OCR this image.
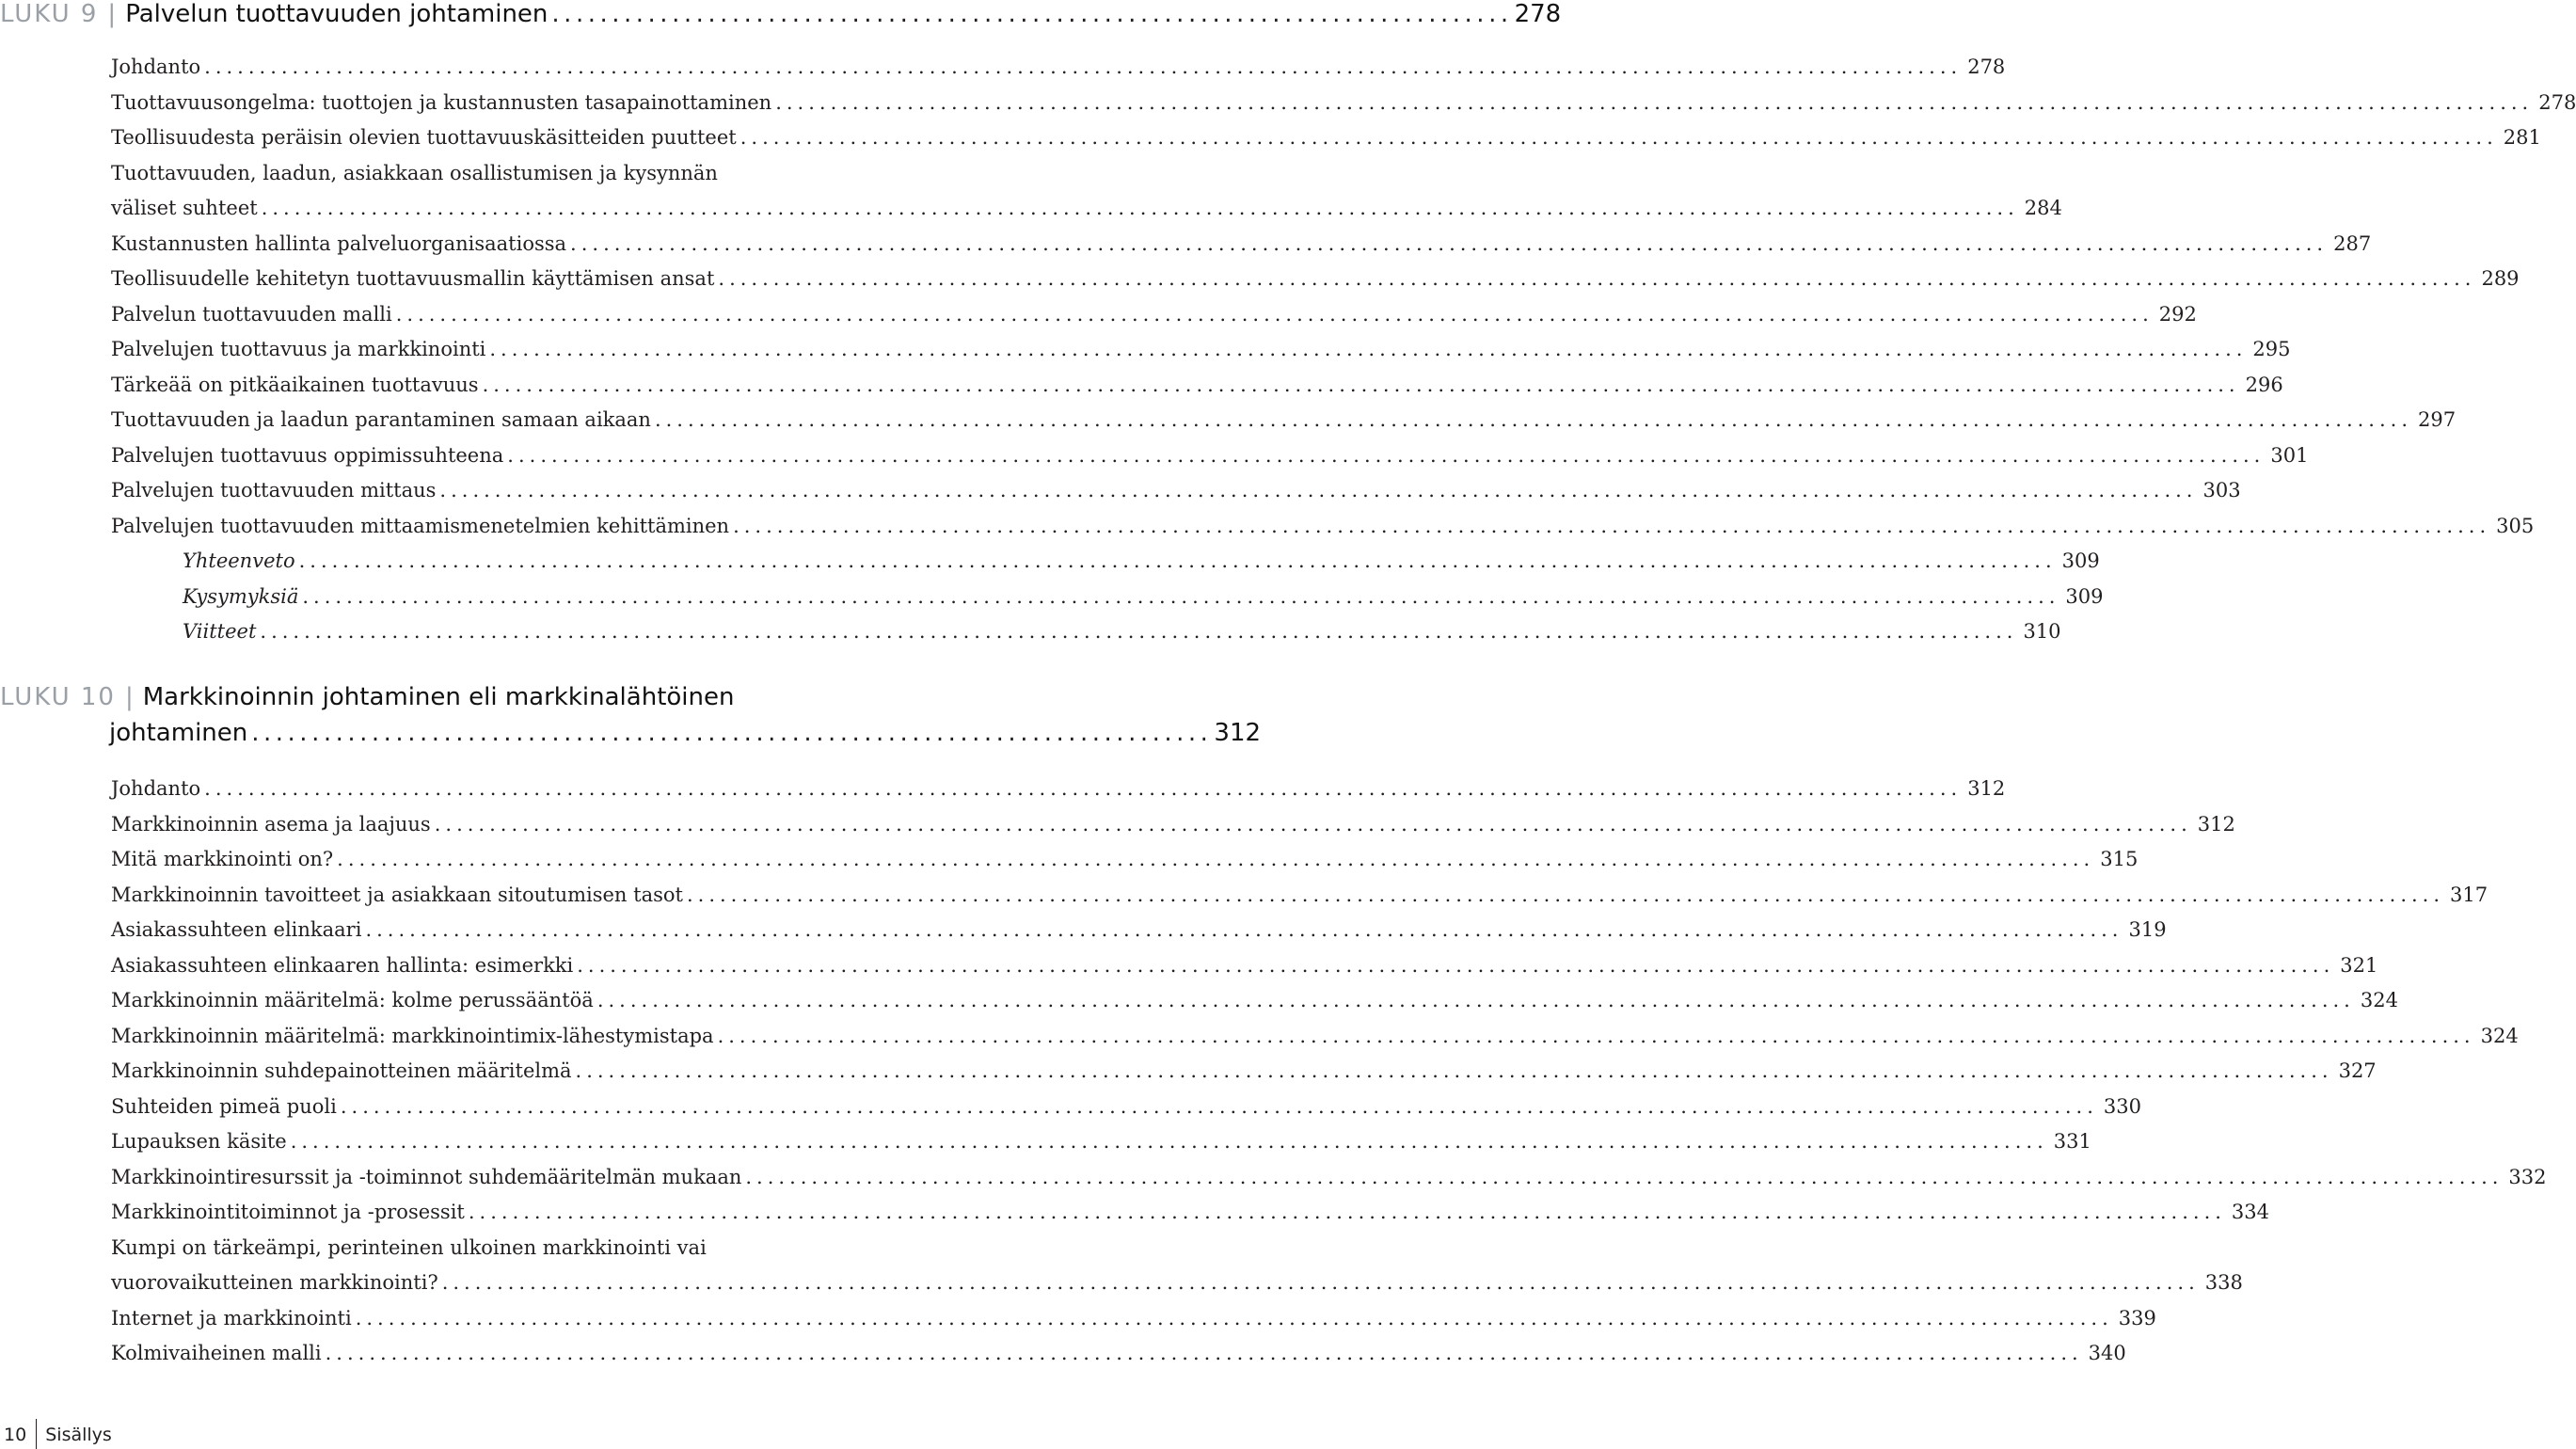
LUKU 9 | Palvelun tuottavuuden johtaminen ................................................................................ 278
Johdanto ................................................................................................................................................................ 278
Tuottavuusongelma: tuottojen ja kustannusten tasapainottaminen ................................................................................................................................................................ 278
Teollisuudesta peräisin olevien tuottavuuskäsitteiden puutteet ................................................................................................................................................................ 281
Tuottavuuden, laadun, asiakkaan osallistumisen ja kysynnän
väliset suhteet ................................................................................................................................................................ 284
Kustannusten hallinta palveluorganisaatiossa ................................................................................................................................................................ 287
Teollisuudelle kehitetyn tuottavuusmallin käyttämisen ansat ................................................................................................................................................................ 289
Palvelun tuottavuuden malli ................................................................................................................................................................ 292
Palvelujen tuottavuus ja markkinointi ................................................................................................................................................................ 295
Tärkeää on pitkäaikainen tuottavuus ................................................................................................................................................................ 296
Tuottavuuden ja laadun parantaminen samaan aikaan ................................................................................................................................................................ 297
Palvelujen tuottavuus oppimissuhteena ................................................................................................................................................................ 301
Palvelujen tuottavuuden mittaus ................................................................................................................................................................ 303
Palvelujen tuottavuuden mittaamismenetelmien kehittäminen ................................................................................................................................................................ 305
Yhteenveto ................................................................................................................................................................ 309
Kysymyksiä ................................................................................................................................................................ 309
Viitteet ................................................................................................................................................................ 310
LUKU 10 | Markkinoinnin johtaminen eli markkinalähtöinen
johtaminen ................................................................................ 312
Johdanto ................................................................................................................................................................ 312
Markkinoinnin asema ja laajuus ................................................................................................................................................................ 312
Mitä markkinointi on? ................................................................................................................................................................ 315
Markkinoinnin tavoitteet ja asiakkaan sitoutumisen tasot ................................................................................................................................................................ 317
Asiakassuhteen elinkaari ................................................................................................................................................................ 319
Asiakassuhteen elinkaaren hallinta: esimerkki ................................................................................................................................................................ 321
Markkinoinnin määritelmä: kolme perussääntöä ................................................................................................................................................................ 324
Markkinoinnin määritelmä: markkinointimix-lähestymistapa ................................................................................................................................................................ 324
Markkinoinnin suhdepainotteinen määritelmä ................................................................................................................................................................ 327
Suhteiden pimeä puoli ................................................................................................................................................................ 330
Lupauksen käsite ................................................................................................................................................................ 331
Markkinointiresurssit ja -toiminnot suhdemääritelmän mukaan ................................................................................................................................................................ 332
Markkinointitoiminnot ja -prosessit ................................................................................................................................................................ 334
Kumpi on tärkeämpi, perinteinen ulkoinen markkinointi vai
vuorovaikutteinen markkinointi? ................................................................................................................................................................ 338
Internet ja markkinointi ................................................................................................................................................................ 339
Kolmivaiheinen malli ................................................................................................................................................................ 340
10 Sisällys
